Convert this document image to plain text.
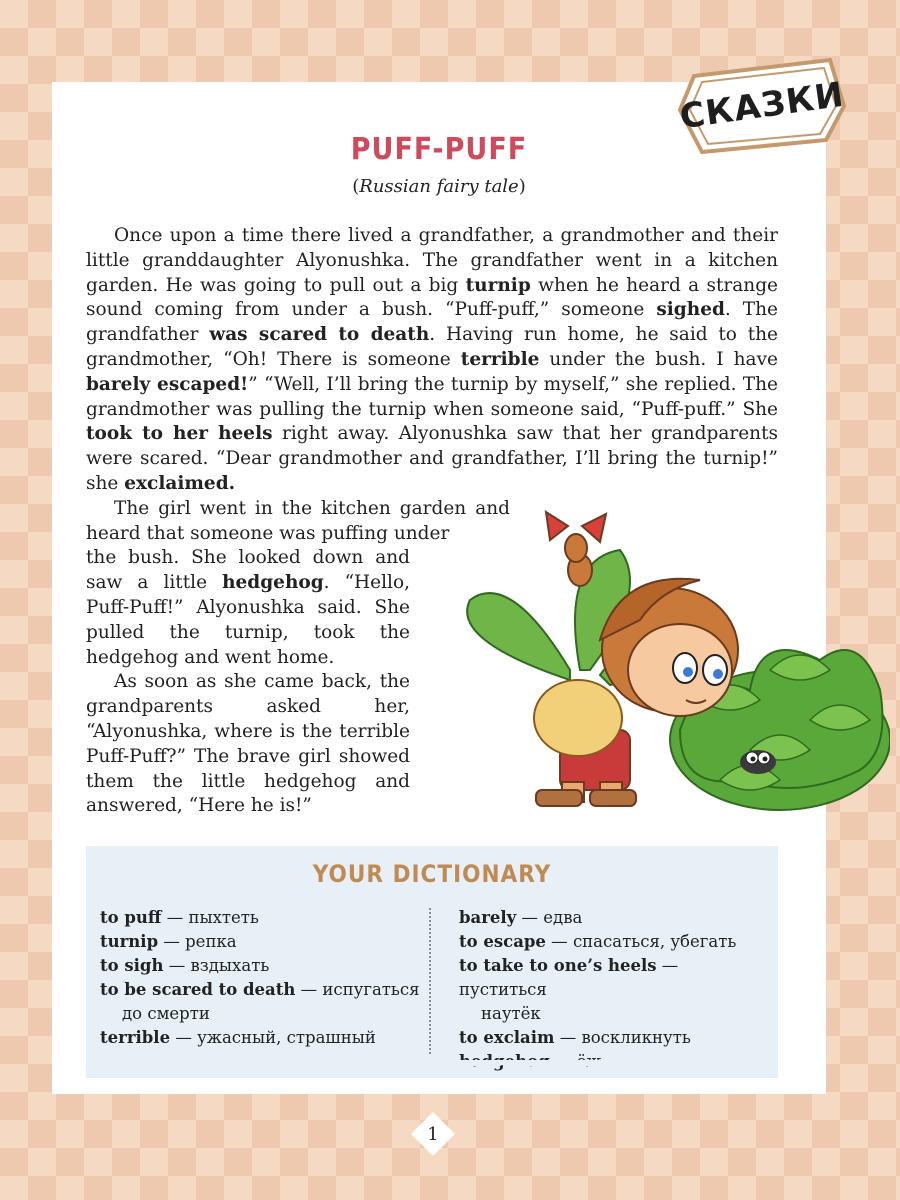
СКАЗКИ
PUFF-PUFF

(Russian fairy tale)

Once upon a time there lived a grandfather, a grandmother and their little granddaughter Alyonushka. The grandfather went in a kitchen garden. He was going to pull out a big turnip when he heard a strange sound coming from under a bush. “Puff-puff,” someone sighed. The grandfather was scared to death. Having run home, he said to the grandmother, “Oh! There is someone terrible under the bush. I have barely escaped!” “Well, I’ll bring the turnip by myself,” she replied. The grandmother was pulling the turnip when someone said, “Puff-puff.” She took to her heels right away. Alyonushka saw that her grandparents were scared. “Dear grandmother and grandfather, I’ll bring the turnip!” she exclaimed.

The girl went in the kitchen garden and heard that someone was puffing under

the bush. She looked down and saw a little hedgehog. “Hello, Puff-Puff!” Alyonushka said. She pulled the turnip, took the hedgehog and went home.

As soon as she came back, the grandparents asked her, “Alyonushka, where is the terrible Puff-Puff?” The brave girl showed them the little hedgehog and answered, “Here he is!”

YOUR DICTIONARY
to puff — пыхтеть
turnip — репка
to sigh — вздыхать
to be scared to death — испугаться
до смерти
terrible — ужасный, страшный
barely — едва
to escape — спасаться, убегать
to take to one’s heels — пуститься
наутёк
to exclaim — воскликнуть
1
